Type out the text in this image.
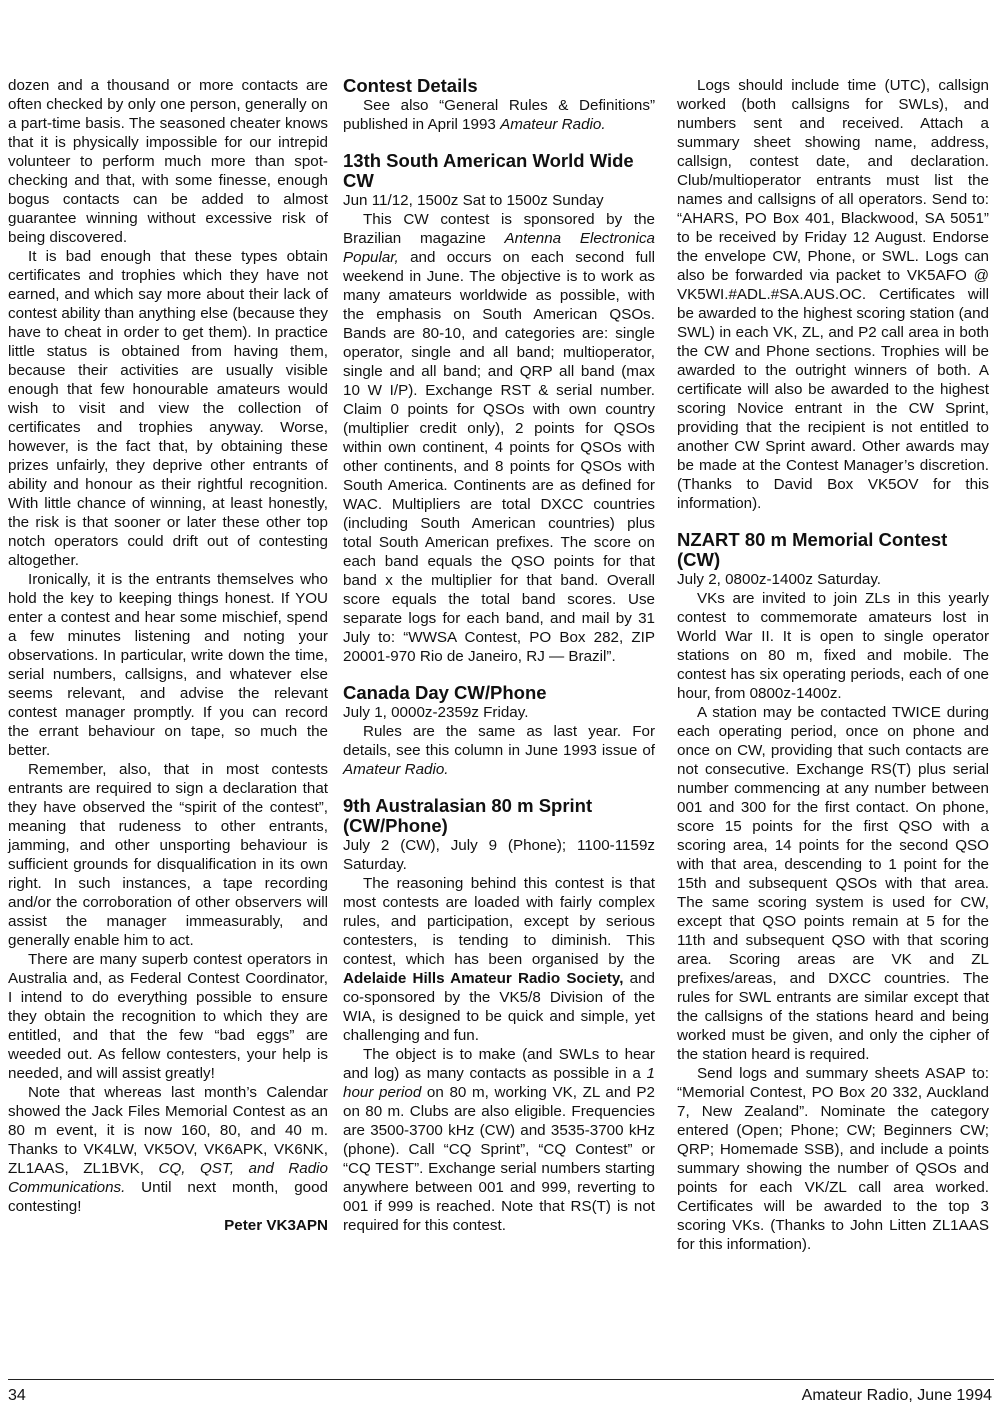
dozen and a thousand or more contacts are often checked by only one person, generally on a part-time basis. The seasoned cheater knows that it is physically impossible for our intrepid volunteer to perform much more than spot-checking and that, with some finesse, enough bogus contacts can be added to almost guarantee winning without excessive risk of being discovered.

It is bad enough that these types obtain certificates and trophies which they have not earned, and which say more about their lack of contest ability than anything else (because they have to cheat in order to get them). In practice little status is obtained from having them, because their activities are usually visible enough that few honourable amateurs would wish to visit and view the collection of certificates and trophies anyway. Worse, however, is the fact that, by obtaining these prizes unfairly, they deprive other entrants of ability and honour as their rightful recognition. With little chance of winning, at least honestly, the risk is that sooner or later these other top notch operators could drift out of contesting altogether.

Ironically, it is the entrants themselves who hold the key to keeping things honest. If YOU enter a contest and hear some mischief, spend a few minutes listening and noting your observations. In particular, write down the time, serial numbers, callsigns, and whatever else seems relevant, and advise the relevant contest manager promptly. If you can record the errant behaviour on tape, so much the better.

Remember, also, that in most contests entrants are required to sign a declaration that they have observed the “spirit of the contest”, meaning that rudeness to other entrants, jamming, and other unsporting behaviour is sufficient grounds for disqualification in its own right. In such instances, a tape recording and/or the corroboration of other observers will assist the manager immeasurably, and generally enable him to act.

There are many superb contest operators in Australia and, as Federal Contest Coordinator, I intend to do everything possible to ensure they obtain the recognition to which they are entitled, and that the few “bad eggs” are weeded out. As fellow contesters, your help is needed, and will assist greatly!

Note that whereas last month’s Calendar showed the Jack Files Memorial Contest as an 80 m event, it is now 160, 80, and 40 m. Thanks to VK4LW, VK5OV, VK6APK, VK6NK, ZL1AAS, ZL1BVK, CQ, QST, and Radio Communications. Until next month, good contesting!

Peter VK3APN

Contest Details

See also “General Rules & Definitions” published in April 1993 Amateur Radio.

13th South American World Wide CW

Jun 11/12, 1500z Sat to 1500z Sunday

This CW contest is sponsored by the Brazilian magazine Antenna Electronica Popular, and occurs on each second full weekend in June. The objective is to work as many amateurs worldwide as possible, with the emphasis on South American QSOs. Bands are 80-10, and categories are: single operator, single and all band; multioperator, single and all band; and QRP all band (max 10 W I/P). Exchange RST & serial number. Claim 0 points for QSOs with own country (multiplier credit only), 2 points for QSOs within own continent, 4 points for QSOs with other continents, and 8 points for QSOs with South America. Continents are as defined for WAC. Multipliers are total DXCC countries (including South American countries) plus total South American prefixes. The score on each band equals the QSO points for that band x the multiplier for that band. Overall score equals the total band scores. Use separate logs for each band, and mail by 31 July to: “WWSA Contest, PO Box 282, ZIP 20001-970 Rio de Janeiro, RJ — Brazil”.

Canada Day CW/Phone

July 1, 0000z-2359z Friday.

Rules are the same as last year. For details, see this column in June 1993 issue of Amateur Radio.

9th Australasian 80 m Sprint (CW/Phone)

July 2 (CW), July 9 (Phone); 1100-1159z Saturday.

The reasoning behind this contest is that most contests are loaded with fairly complex rules, and participation, except by serious contesters, is tending to diminish. This contest, which has been organised by the Adelaide Hills Amateur Radio Society, and co-sponsored by the VK5/8 Division of the WIA, is designed to be quick and simple, yet challenging and fun.

The object is to make (and SWLs to hear and log) as many contacts as possible in a 1 hour period on 80 m, working VK, ZL and P2 on 80 m. Clubs are also eligible. Frequencies are 3500-3700 kHz (CW) and 3535-3700 kHz (phone). Call “CQ Sprint”, “CQ Contest” or “CQ TEST”. Exchange serial numbers starting anywhere between 001 and 999, reverting to 001 if 999 is reached. Note that RS(T) is not required for this contest.

Logs should include time (UTC), callsign worked (both callsigns for SWLs), and numbers sent and received. Attach a summary sheet showing name, address, callsign, contest date, and declaration. Club/multioperator entrants must list the names and callsigns of all operators. Send to: “AHARS, PO Box 401, Blackwood, SA 5051” to be received by Friday 12 August. Endorse the envelope CW, Phone, or SWL. Logs can also be forwarded via packet to VK5AFO @ VK5WI.#ADL.#SA.AUS.OC. Certificates will be awarded to the highest scoring station (and SWL) in each VK, ZL, and P2 call area in both the CW and Phone sections. Trophies will be awarded to the outright winners of both. A certificate will also be awarded to the highest scoring Novice entrant in the CW Sprint, providing that the recipient is not entitled to another CW Sprint award. Other awards may be made at the Contest Manager’s discretion. (Thanks to David Box VK5OV for this information).

NZART 80 m Memorial Contest (CW)

July 2, 0800z-1400z Saturday.

VKs are invited to join ZLs in this yearly contest to commemorate amateurs lost in World War II. It is open to single operator stations on 80 m, fixed and mobile. The contest has six operating periods, each of one hour, from 0800z-1400z.

A station may be contacted TWICE during each operating period, once on phone and once on CW, providing that such contacts are not consecutive. Exchange RS(T) plus serial number commencing at any number between 001 and 300 for the first contact. On phone, score 15 points for the first QSO with a scoring area, 14 points for the second QSO with that area, descending to 1 point for the 15th and subsequent QSOs with that area. The same scoring system is used for CW, except that QSO points remain at 5 for the 11th and subsequent QSO with that scoring area. Scoring areas are VK and ZL prefixes/areas, and DXCC countries. The rules for SWL entrants are similar except that the callsigns of the stations heard and being worked must be given, and only the cipher of the station heard is required.

Send logs and summary sheets ASAP to: “Memorial Contest, PO Box 20 332, Auckland 7, New Zealand”. Nominate the category entered (Open; Phone; CW; Beginners CW; QRP; Homemade SSB), and include a points summary showing the number of QSOs and points for each VK/ZL call area worked. Certificates will be awarded to the top 3 scoring VKs. (Thanks to John Litten ZL1AAS for this information).

34	Amateur Radio, June 1994
